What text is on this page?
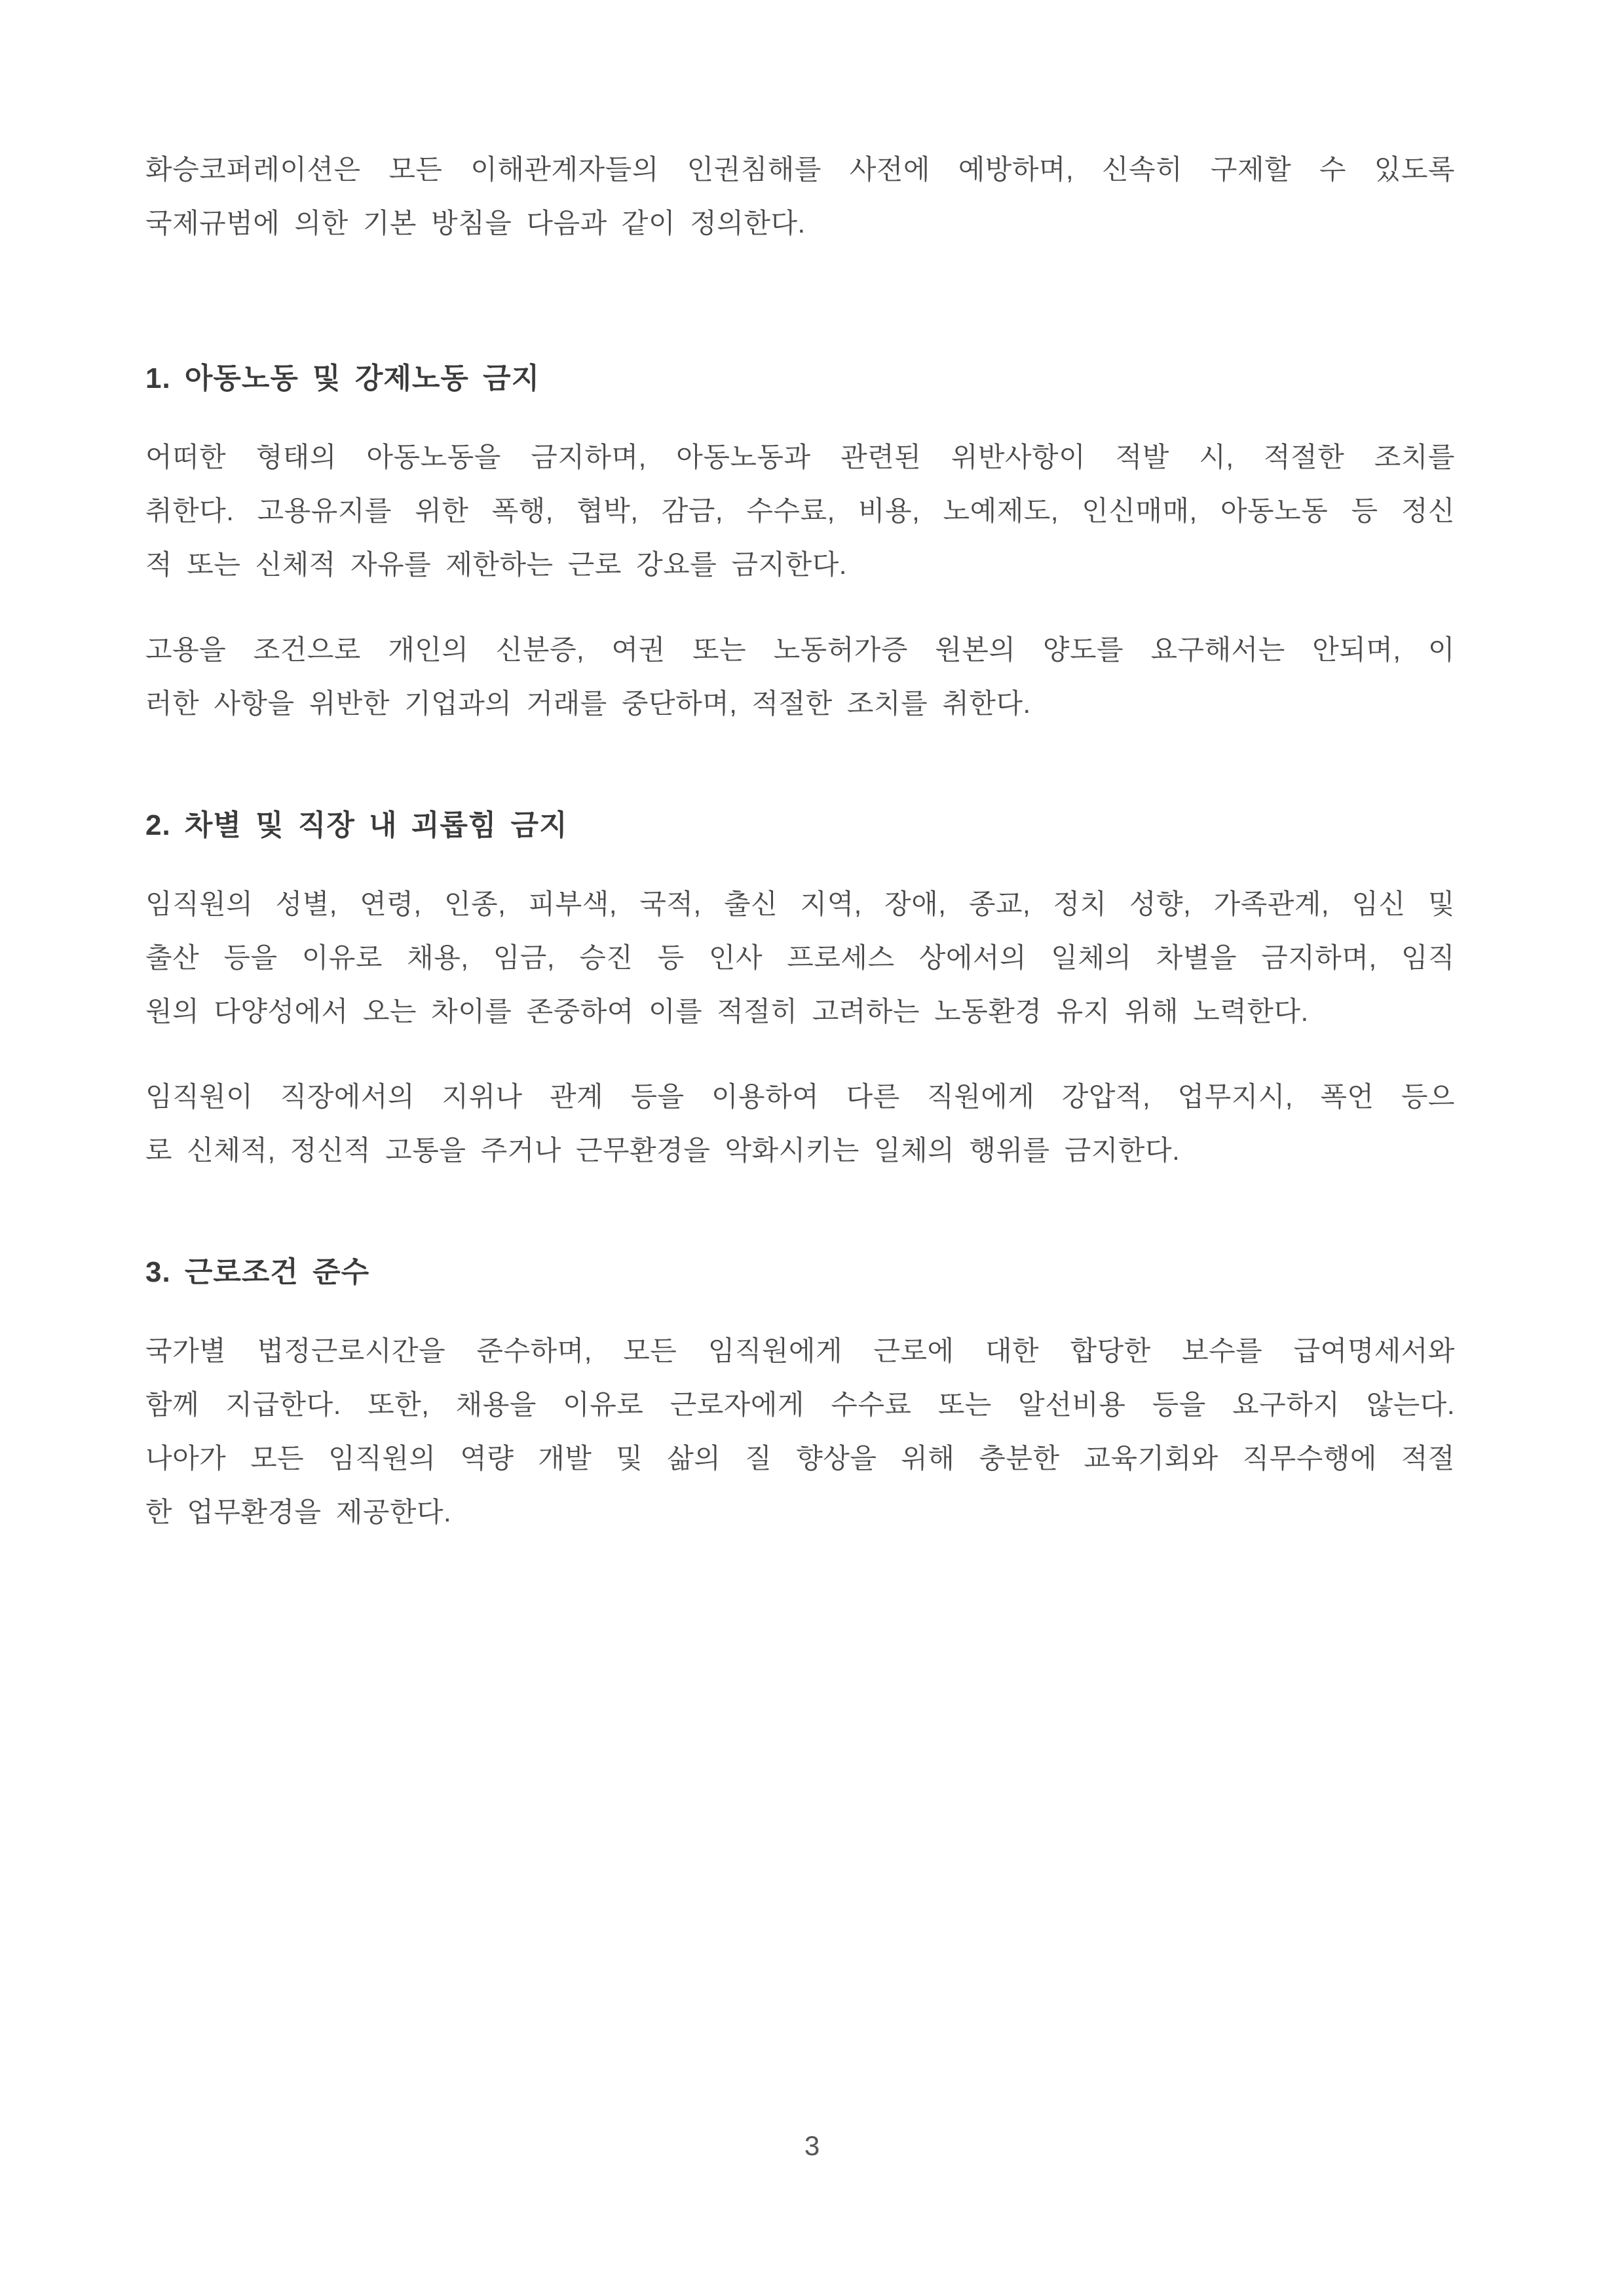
화승코퍼레이션은 모든 이해관계자들의 인권침해를 사전에 예방하며, 신속히 구제할 수 있도록
국제규범에 의한 기본 방침을 다음과 같이 정의한다.
1. 아동노동 및 강제노동 금지
어떠한 형태의 아동노동을 금지하며, 아동노동과 관련된 위반사항이 적발 시, 적절한 조치를
취한다. 고용유지를 위한 폭행, 협박, 감금, 수수료, 비용, 노예제도, 인신매매, 아동노동 등 정신
적 또는 신체적 자유를 제한하는 근로 강요를 금지한다.
고용을 조건으로 개인의 신분증, 여권 또는 노동허가증 원본의 양도를 요구해서는 안되며, 이
러한 사항을 위반한 기업과의 거래를 중단하며, 적절한 조치를 취한다.
2. 차별 및 직장 내 괴롭힘 금지
임직원의 성별, 연령, 인종, 피부색, 국적, 출신 지역, 장애, 종교, 정치 성향, 가족관계, 임신 및
출산 등을 이유로 채용, 임금, 승진 등 인사 프로세스 상에서의 일체의 차별을 금지하며, 임직
원의 다양성에서 오는 차이를 존중하여 이를 적절히 고려하는 노동환경 유지 위해 노력한다.
임직원이 직장에서의 지위나 관계 등을 이용하여 다른 직원에게 강압적, 업무지시, 폭언 등으
로 신체적, 정신적 고통을 주거나 근무환경을 악화시키는 일체의 행위를 금지한다.
3. 근로조건 준수
국가별 법정근로시간을 준수하며, 모든 임직원에게 근로에 대한 합당한 보수를 급여명세서와
함께 지급한다. 또한, 채용을 이유로 근로자에게 수수료 또는 알선비용 등을 요구하지 않는다.
나아가 모든 임직원의 역량 개발 및 삶의 질 향상을 위해 충분한 교육기회와 직무수행에 적절
한 업무환경을 제공한다.
3
